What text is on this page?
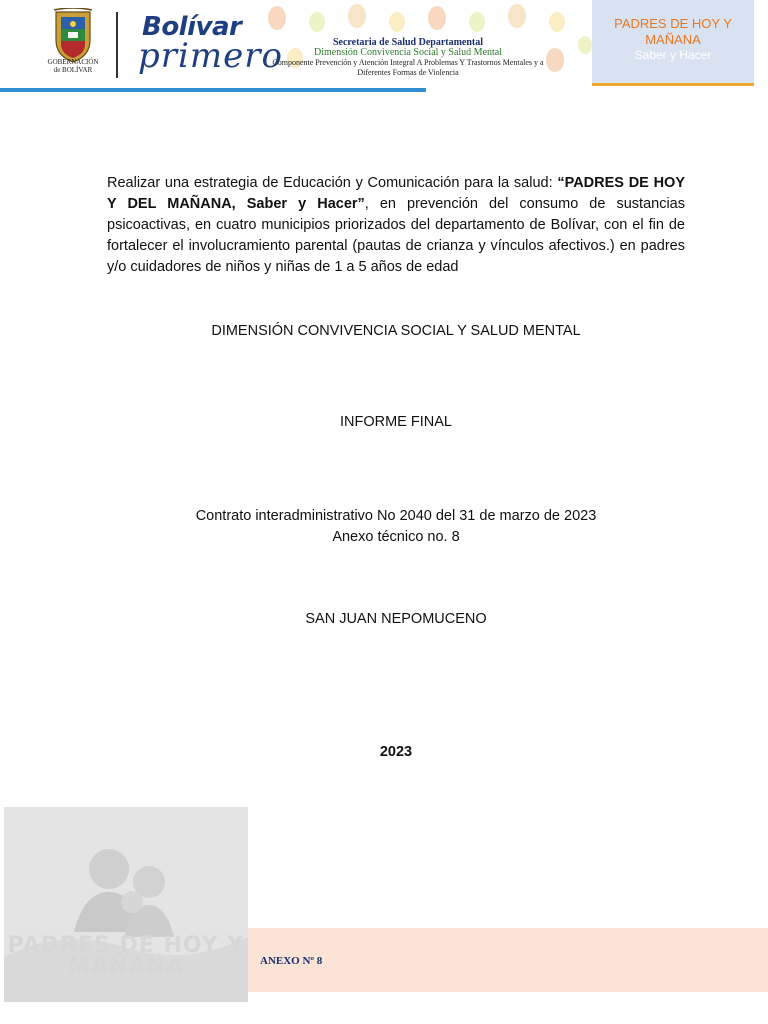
GOBERNACIÓN
de BOLÍVAR
Bolívar
primero	Secretaria de Salud Departamental
Dimensión Convivencia Social y Salud Mental
Componente Prevención y Atención Integral A Problemas Y Trastornos Mentales y a Diferentes Formas de Violencia
PADRES DE HOY Y MAÑANA
Saber y Hacer

Realizar una estrategia de Educación y Comunicación para la salud: “PADRES DE HOY Y DEL MAÑANA, Saber y Hacer”, en prevención del consumo de sustancias psicoactivas, en cuatro municipios priorizados del departamento de Bolívar, con el fin de fortalecer el involucramiento parental (pautas de crianza y vínculos afectivos.) en padres y/o cuidadores de niños y niñas de 1 a 5 años de edad

DIMENSIÓN CONVIVENCIA SOCIAL Y SALUD MENTAL
INFORME FINAL
Contrato interadministrativo No 2040 del 31 de marzo de 2023
Anexo técnico no. 8
SAN JUAN NEPOMUCENO
2023
PADRES DE HOY Y MAÑANA
Saber y Hacer
ANEXO Nº 8
